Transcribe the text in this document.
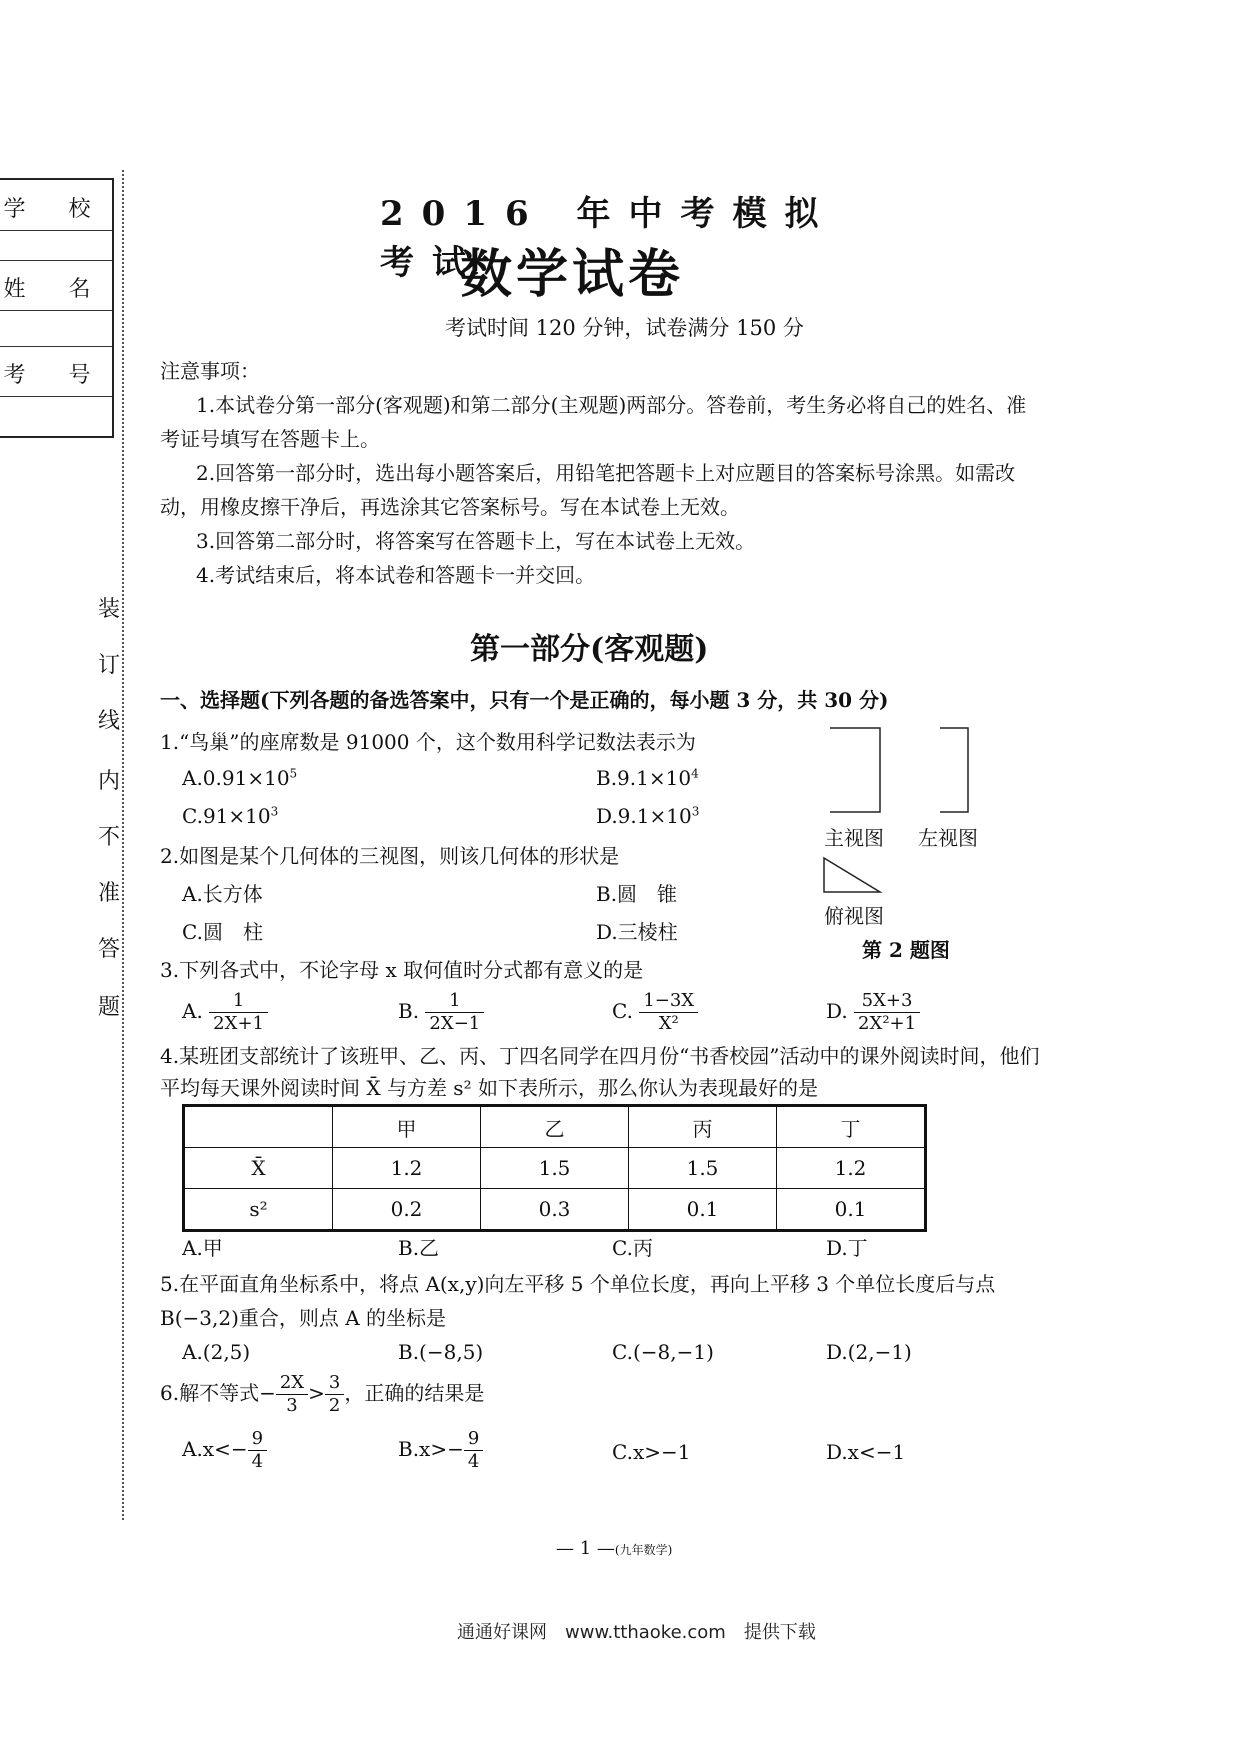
学 校
姓 名
考 号
装
订
线
内
不
准
答
题
2016 年中考模拟考试
数学试卷
考试时间 120 分钟，试卷满分 150 分
注意事项：
1.本试卷分第一部分(客观题)和第二部分(主观题)两部分。答卷前，考生务必将自己的姓名、准
考证号填写在答题卡上。
2.回答第一部分时，选出每小题答案后，用铅笔把答题卡上对应题目的答案标号涂黑。如需改
动，用橡皮擦干净后，再选涂其它答案标号。写在本试卷上无效。
3.回答第二部分时，将答案写在答题卡上，写在本试卷上无效。
4.考试结束后，将本试卷和答题卡一并交回。
第一部分(客观题)
一、选择题(下列各题的备选答案中，只有一个是正确的，每小题 3 分，共 30 分)
1.“鸟巢”的座席数是 91000 个，这个数用科学记数法表示为
$A.0.91\times 10^5$	$B.9.1\times 10^4$
$C.91\times 10^3$	$D.9.1\times 10^3$
主视图 左视图
俯视图
第 2 题图
2.如图是某个几何体的三视图，则该几何体的形状是
A.长方体	B.圆　锥
C.圆　柱	D.三棱柱
3.下列各式中，不论字母 x 取何值时分式都有意义的是
A. $\frac{1}{2X+1}$	B. $\frac{1}{2X-1}$	C. $\frac{1-3X}{\text{X²}}$	D. $\frac{5X+3}{\text{2X²+1}}$
4.某班团支部统计了该班甲、乙、丙、丁四名同学在四月份“书香校园”活动中的课外阅读时间，他们
平均每天课外阅读时间 X̄ 与方差 s² 如下表所示，那么你认为表现最好的是
	甲	乙	丙	丁
X̄	1.2	1.5	1.5	1.2
s²	0.2	0.3	0.1	0.1
A.甲	B.乙	C.丙	D.丁
5.在平面直角坐标系中，将点 A(x,y)向左平移 5 个单位长度，再向上平移 3 个单位长度后与点
B(−3,2)重合，则点 A 的坐标是
A.(2,5)	B.(−8,5)	C.(−8,−1)	D.(2,−1)
6.解不等式− $\frac{2X}{3} > \frac{3}{2}$ ，正确的结果是
$A.x<- \frac{9}{4}$	$B.x>- \frac{9}{4}$	C.x>−1	D.x<−1
— 1 —(九年数学)
通通好课网　www.tthaoke.com　提供下载
